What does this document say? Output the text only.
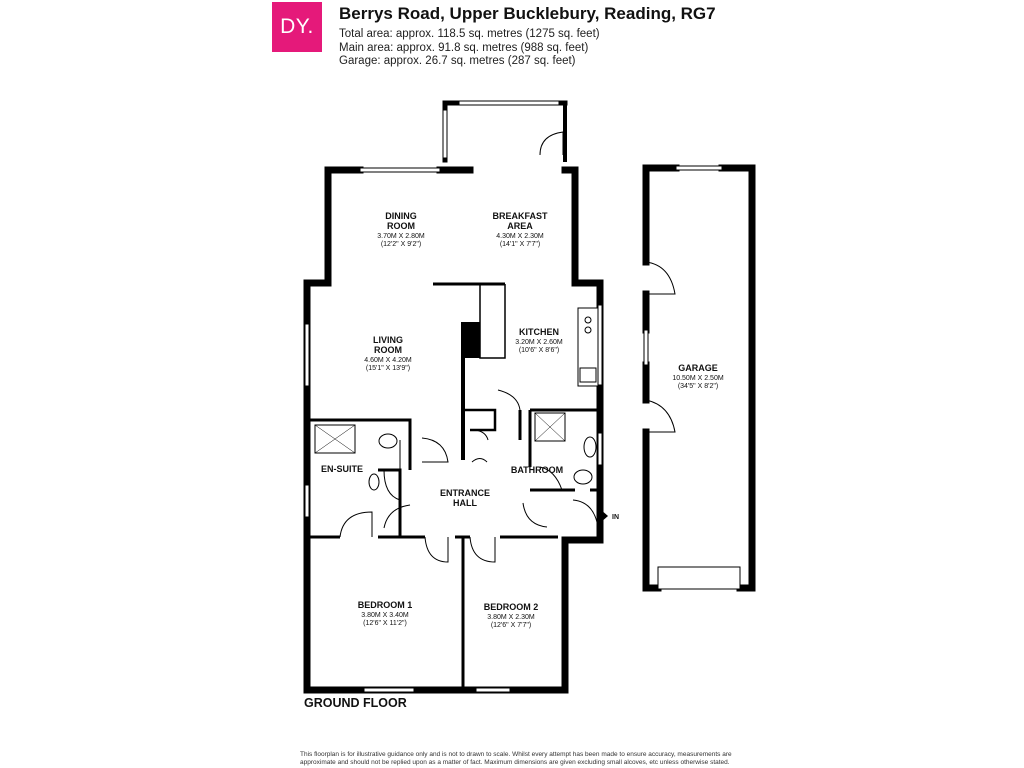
DY.
Berrys Road, Upper Bucklebury, Reading, RG7
Total area: approx. 118.5 sq. metres (1275 sq. feet)
Main area: approx. 91.8 sq. metres (988 sq. feet)
Garage: approx. 26.7 sq. metres (287 sq. feet)
IN
DINING
ROOM
3.70M X 2.80M
(12'2" X 9'2")
BREAKFAST
AREA
4.30M X 2.30M
(14'1" X 7'7")
LIVING
ROOM
4.60M X 4.20M
(15'1" X 13'9")
KITCHEN
3.20M X 2.60M
(10'6" X 8'6")
EN-SUITE
ENTRANCE
HALL
BATHROOM
BEDROOM 1
3.80M X 3.40M
(12'6" X 11'2")
BEDROOM 2
3.80M X 2.30M
(12'6" X 7'7")
GARAGE
10.50M X 2.50M
(34'5" X 8'2")
GROUND FLOOR
This floorplan is for illustrative guidance only and is not to drawn to scale. Whilst every attempt has been made to ensure accuracy, measurements are approximate and should not be replied upon as a matter of fact. Maximum dimensions are given excluding small alcoves, etc unless otherwise stated.
